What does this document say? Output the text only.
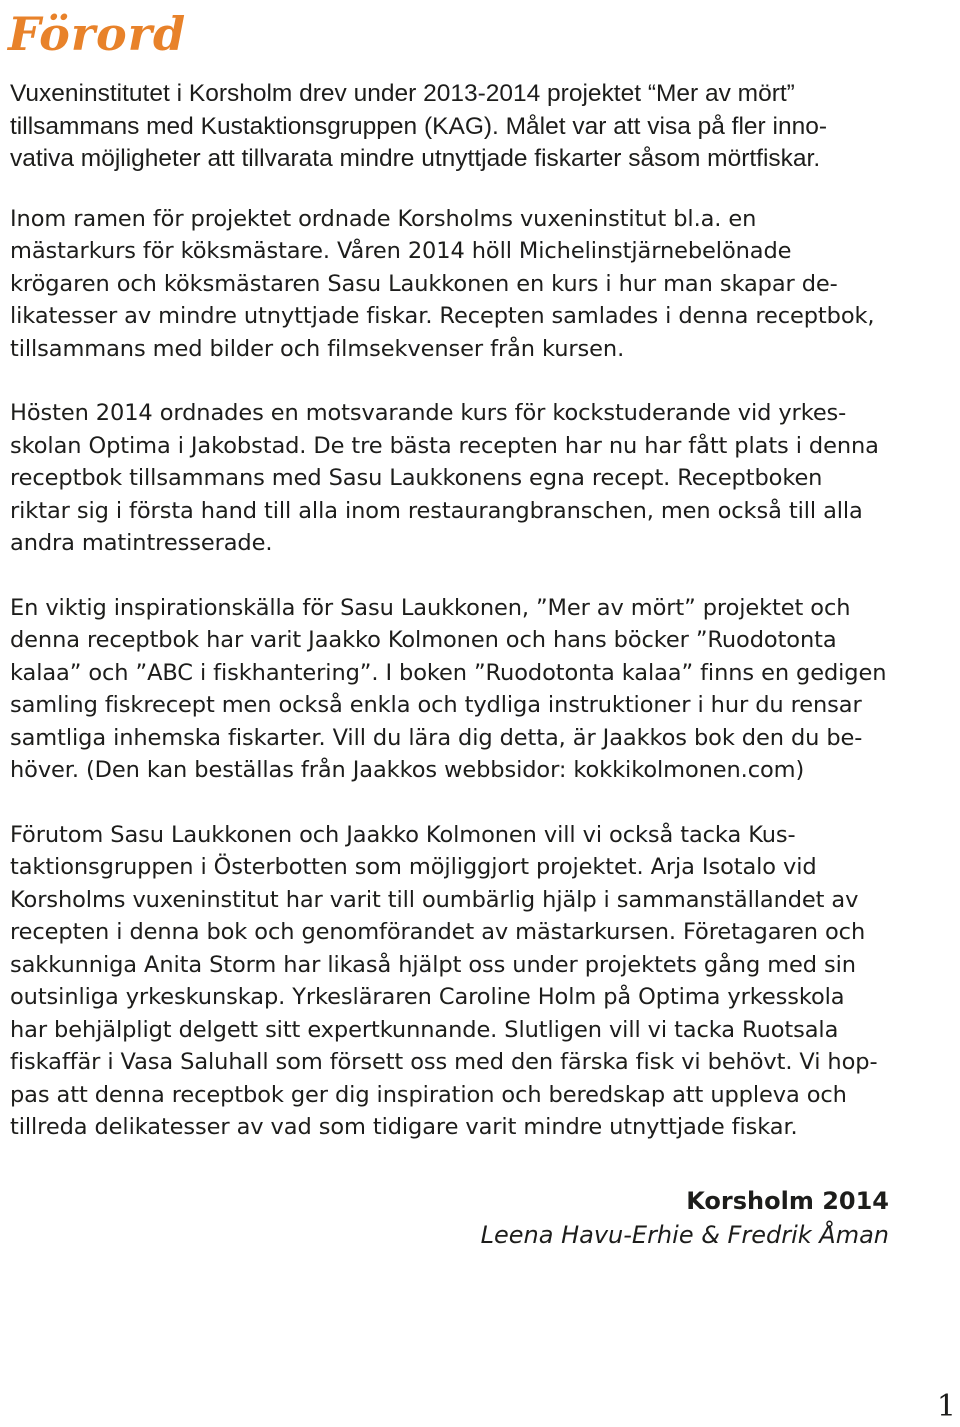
Förord

Vuxeninstitutet i Korsholm drev under 2013-2014 projektet “Mer av mört”
tillsammans med Kustaktionsgruppen (KAG). Målet var att visa på fler inno-
vativa möjligheter att tillvarata mindre utnyttjade fiskarter såsom mörtfiskar.

Inom ramen för projektet ordnade Korsholms vuxeninstitut bl.a. en
mästarkurs för köksmästare. Våren 2014 höll Michelinstjärnebelönade
krögaren och köksmästaren Sasu Laukkonen en kurs i hur man skapar de-
likatesser av mindre utnyttjade fiskar. Recepten samlades i denna receptbok,
tillsammans med bilder och filmsekvenser från kursen.

Hösten 2014 ordnades en motsvarande kurs för kockstuderande vid yrkes-
skolan Optima i Jakobstad. De tre bästa recepten har nu har fått plats i denna
receptbok tillsammans med Sasu Laukkonens egna recept. Receptboken
riktar sig i första hand till alla inom restaurangbranschen, men också till alla
andra matintresserade.

En viktig inspirationskälla för Sasu Laukkonen, ”Mer av mört” projektet och
denna receptbok har varit Jaakko Kolmonen och hans böcker ”Ruodotonta
kalaa” och ”ABC i fiskhantering”. I boken ”Ruodotonta kalaa” finns en gedigen
samling fiskrecept men också enkla och tydliga instruktioner i hur du rensar
samtliga inhemska fiskarter. Vill du lära dig detta, är Jaakkos bok den du be-
höver. (Den kan beställas från Jaakkos webbsidor: kokkikolmonen.com)

Förutom Sasu Laukkonen och Jaakko Kolmonen vill vi också tacka Kus-
taktionsgruppen i Österbotten som möjliggjort projektet. Arja Isotalo vid
Korsholms vuxeninstitut har varit till oumbärlig hjälp i sammanställandet av
recepten i denna bok och genomförandet av mästarkursen. Företagaren och
sakkunniga Anita Storm har likaså hjälpt oss under projektets gång med sin
outsinliga yrkeskunskap. Yrkesläraren Caroline Holm på Optima yrkesskola
har behjälpligt delgett sitt expertkunnande. Slutligen vill vi tacka Ruotsala
fiskaffär i Vasa Saluhall som försett oss med den färska fisk vi behövt. Vi hop-
pas att denna receptbok ger dig inspiration och beredskap att uppleva och
tillreda delikatesser av vad som tidigare varit mindre utnyttjade fiskar.

Korsholm 2014
Leena Havu-Erhie & Fredrik Åman
1
